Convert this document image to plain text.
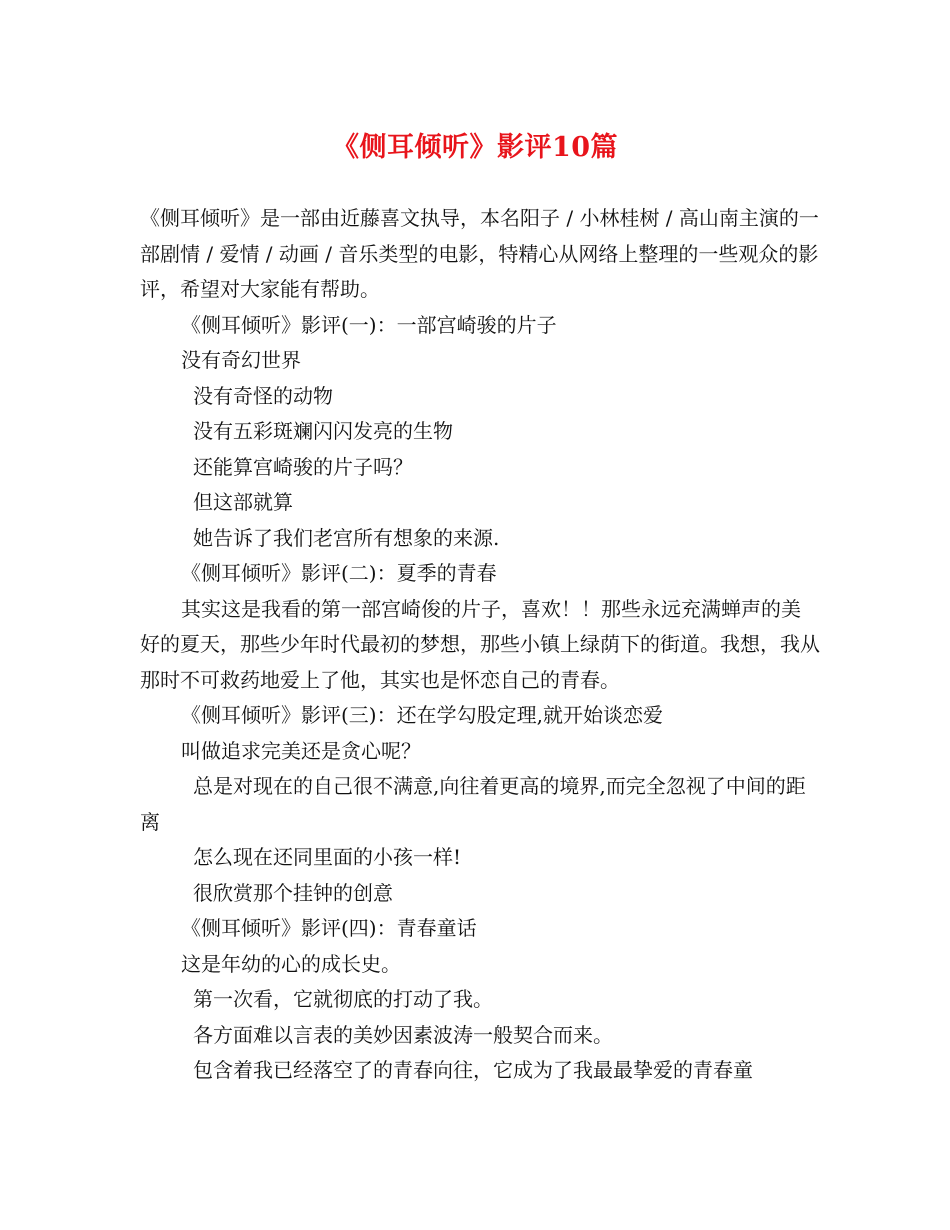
《侧耳倾听》影评10篇

《侧耳倾听》是一部由近藤喜文执导，本名阳子 / 小林桂树 / 高山南主演的一部剧情 / 爱情 / 动画 / 音乐类型的电影，特精心从网络上整理的一些观众的影评，希望对大家能有帮助。

《侧耳倾听》影评(一)：一部宫崎骏的片子

没有奇幻世界

没有奇怪的动物

没有五彩斑斓闪闪发亮的生物

还能算宫崎骏的片子吗？

但这部就算

她告诉了我们老宫所有想象的来源.

《侧耳倾听》影评(二)：夏季的青春

其实这是我看的第一部宫崎俊的片子，喜欢！！那些永远充满蝉声的美好的夏天，那些少年时代最初的梦想，那些小镇上绿荫下的街道。我想，我从那时不可救药地爱上了他，其实也是怀恋自己的青春。

《侧耳倾听》影评(三)：还在学勾股定理,就开始谈恋爱

叫做追求完美还是贪心呢？

总是对现在的自己很不满意,向往着更高的境界,而完全忽视了中间的距离

怎么现在还同里面的小孩一样!

很欣赏那个挂钟的创意

《侧耳倾听》影评(四)：青春童话

这是年幼的心的成长史。

第一次看，它就彻底的打动了我。

各方面难以言表的美妙因素波涛一般契合而来。

包含着我已经落空了的青春向往，它成为了我最最挚爱的青春童
